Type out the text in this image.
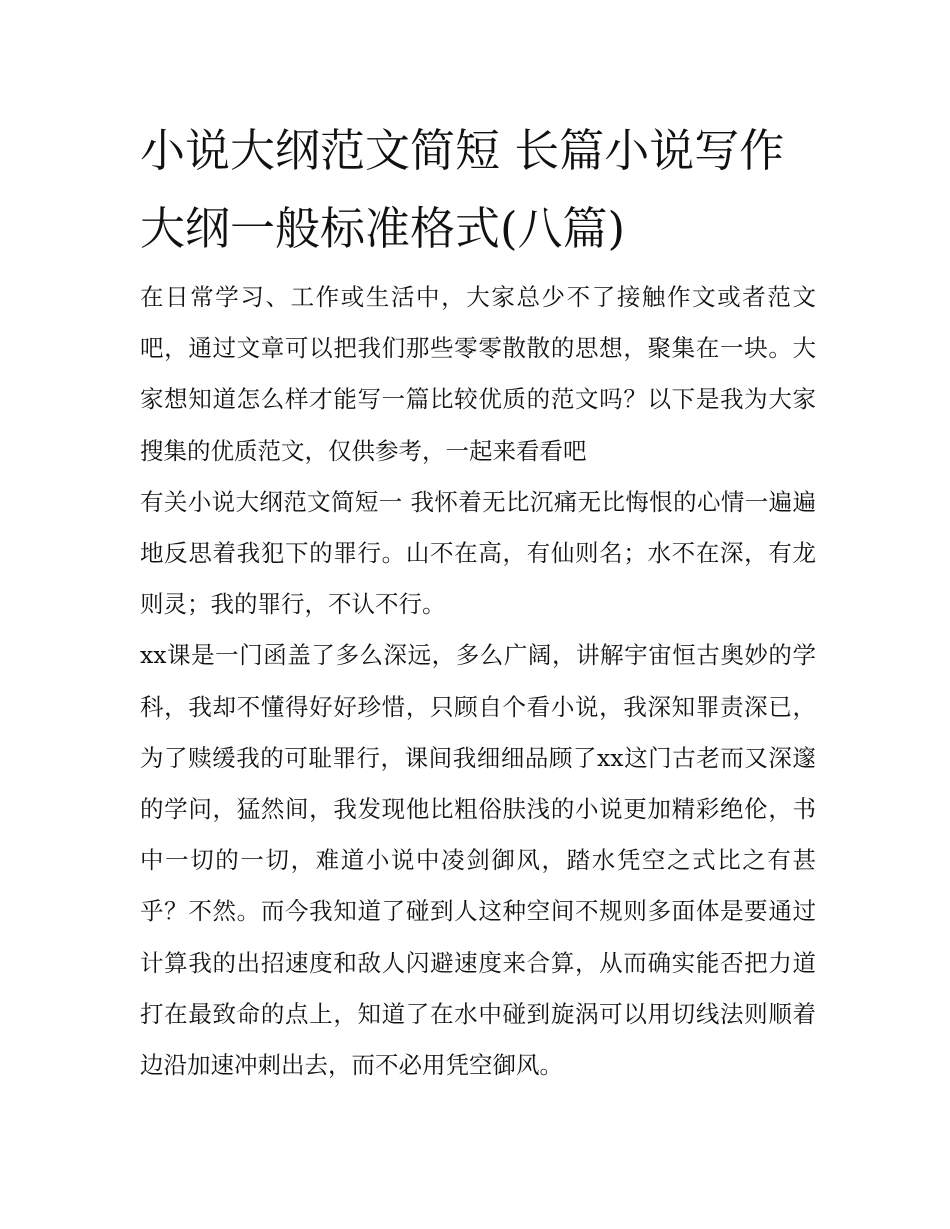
小说大纲范文简短 长篇小说写作大纲一般标准格式(八篇)

在日常学习、工作或生活中，大家总少不了接触作文或者范文吧，通过文章可以把我们那些零零散散的思想，聚集在一块。大家想知道怎么样才能写一篇比较优质的范文吗？以下是我为大家搜集的优质范文，仅供参考，一起来看看吧

有关小说大纲范文简短一 我怀着无比沉痛无比悔恨的心情一遍遍地反思着我犯下的罪行。山不在高，有仙则名；水不在深，有龙则灵；我的罪行，不认不行。

xx课是一门函盖了多么深远，多么广阔，讲解宇宙恒古奥妙的学科，我却不懂得好好珍惜，只顾自个看小说，我深知罪责深已，为了赎缓我的可耻罪行，课间我细细品顾了xx这门古老而又深邃的学问，猛然间，我发现他比粗俗肤浅的小说更加精彩绝伦，书中一切的一切，难道小说中凌剑御风，踏水凭空之式比之有甚乎？不然。而今我知道了碰到人这种空间不规则多面体是要通过计算我的出招速度和敌人闪避速度来合算，从而确实能否把力道打在最致命的点上，知道了在水中碰到旋涡可以用切线法则顺着边沿加速冲刺出去，而不必用凭空御风。
